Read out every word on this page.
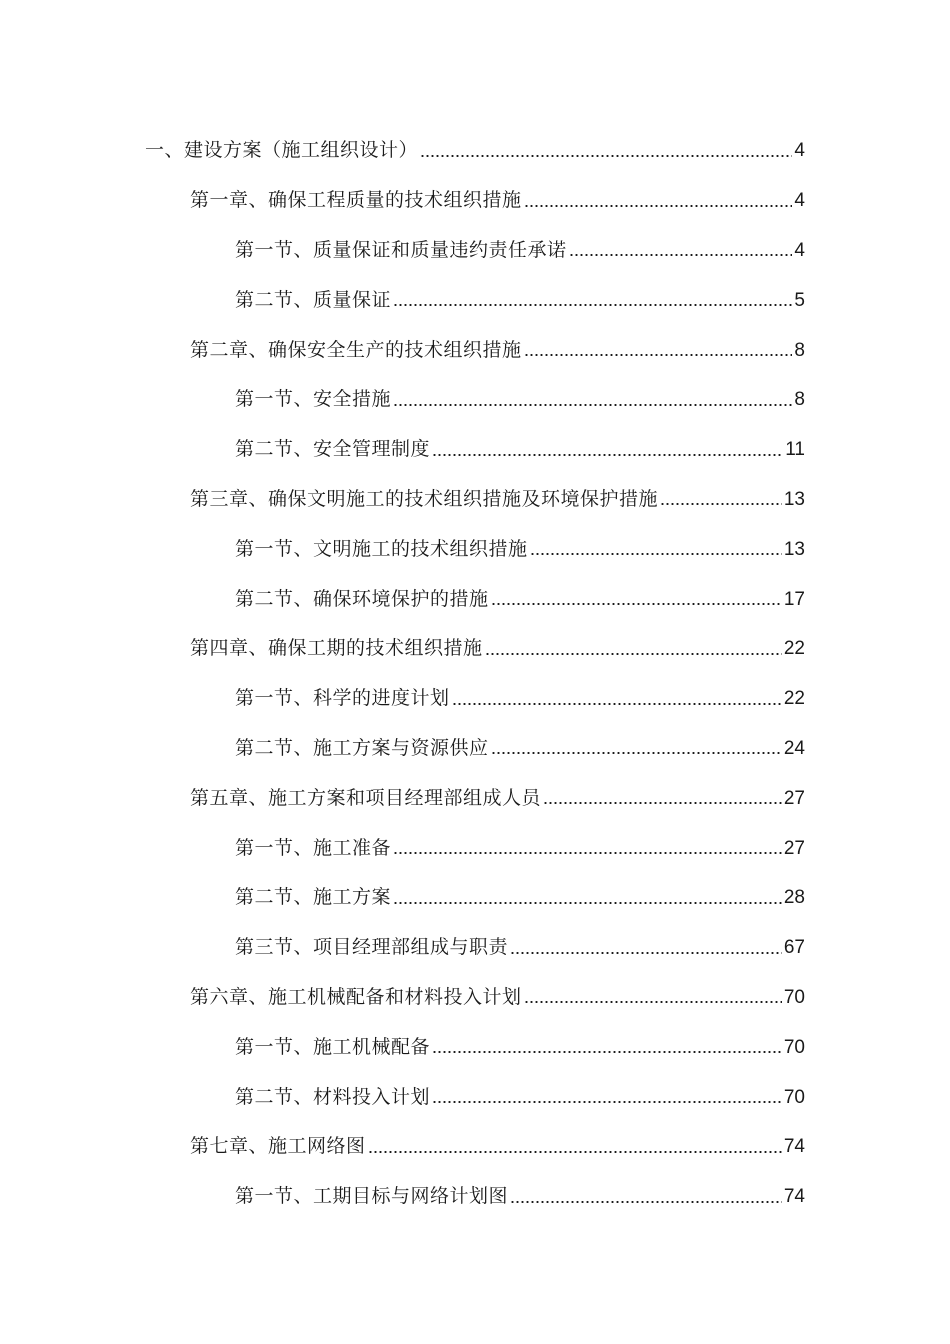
一、建设方案（施工组织设计）	4
第一章、确保工程质量的技术组织措施	4
第一节、质量保证和质量违约责任承诺	4
第二节、质量保证	5
第二章、确保安全生产的技术组织措施	8
第一节、安全措施	8
第二节、安全管理制度	11
第三章、确保文明施工的技术组织措施及环境保护措施	13
第一节、文明施工的技术组织措施	13
第二节、确保环境保护的措施	17
第四章、确保工期的技术组织措施	22
第一节、科学的进度计划	22
第二节、施工方案与资源供应	24
第五章、施工方案和项目经理部组成人员	27
第一节、施工准备	27
第二节、施工方案	28
第三节、项目经理部组成与职责	67
第六章、施工机械配备和材料投入计划	70
第一节、施工机械配备	70
第二节、材料投入计划	70
第七章、施工网络图	74
第一节、工期目标与网络计划图	74
